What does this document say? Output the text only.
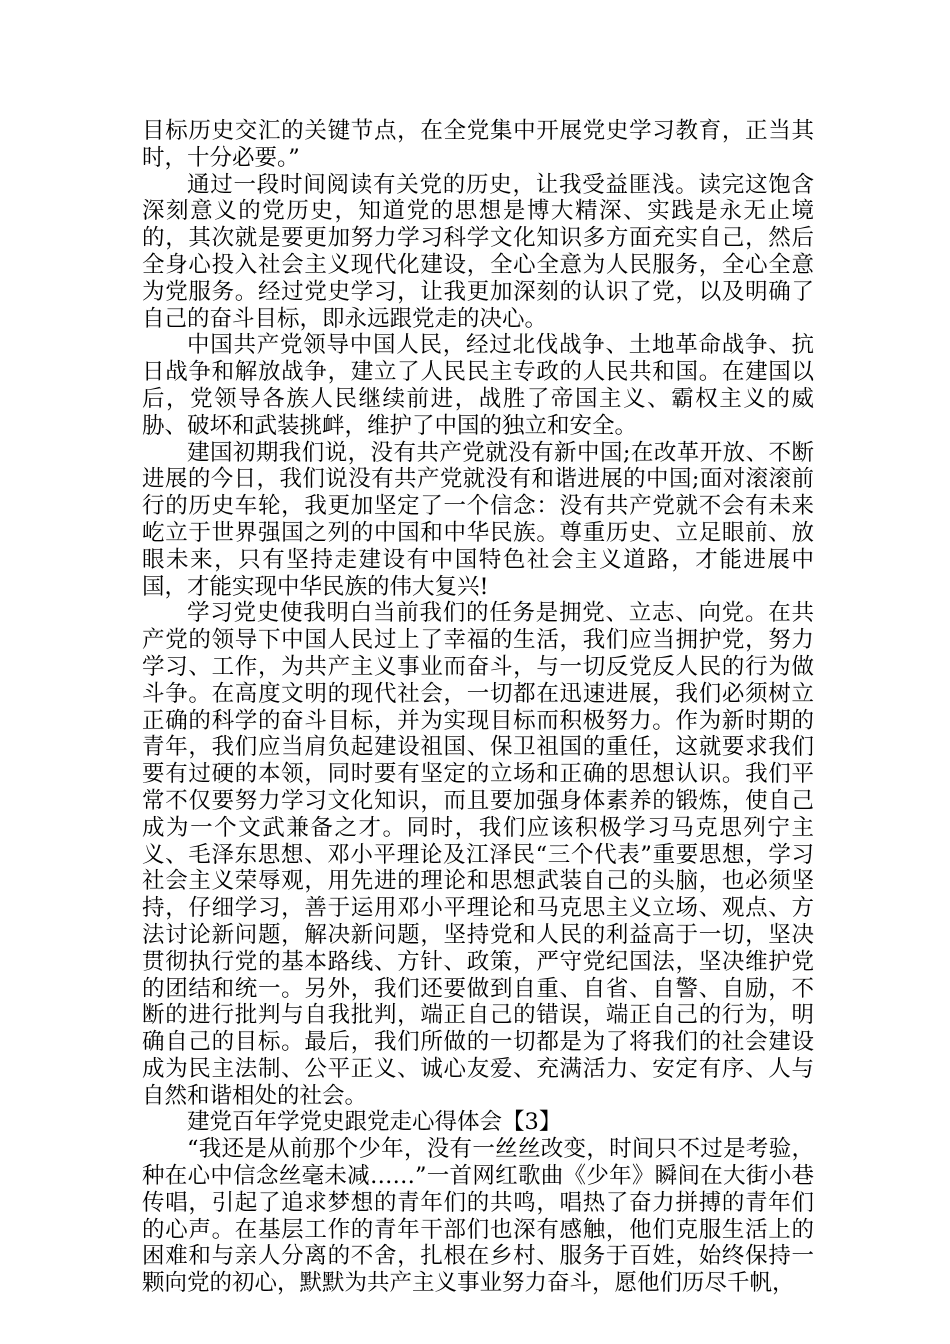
目标历史交汇的关键节点，在全党集中开展党史学习教育，正当其时，十分必要。”

通过一段时间阅读有关党的历史，让我受益匪浅。读完这饱含深刻意义的党历史，知道党的思想是博大精深、实践是永无止境的，其次就是要更加努力学习科学文化知识多方面充实自己，然后全身心投入社会主义现代化建设，全心全意为人民服务，全心全意为党服务。经过党史学习，让我更加深刻的认识了党，以及明确了自己的奋斗目标，即永远跟党走的决心。

中国共产党领导中国人民，经过北伐战争、土地革命战争、抗日战争和解放战争，建立了人民民主专政的人民共和国。在建国以后，党领导各族人民继续前进，战胜了帝国主义、霸权主义的威胁、破坏和武装挑衅，维护了中国的独立和安全。

建国初期我们说，没有共产党就没有新中国;在改革开放、不断进展的今日，我们说没有共产党就没有和谐进展的中国;面对滚滚前行的历史车轮，我更加坚定了一个信念：没有共产党就不会有未来屹立于世界强国之列的中国和中华民族。尊重历史、立足眼前、放眼未来，只有坚持走建设有中国特色社会主义道路，才能进展中国，才能实现中华民族的伟大复兴!

学习党史使我明白当前我们的任务是拥党、立志、向党。在共产党的领导下中国人民过上了幸福的生活，我们应当拥护党，努力学习、工作，为共产主义事业而奋斗，与一切反党反人民的行为做斗争。在高度文明的现代社会，一切都在迅速进展，我们必须树立正确的科学的奋斗目标，并为实现目标而积极努力。作为新时期的青年，我们应当肩负起建设祖国、保卫祖国的重任，这就要求我们要有过硬的本领，同时要有坚定的立场和正确的思想认识。我们平常不仅要努力学习文化知识，而且要加强身体素养的锻炼，使自己成为一个文武兼备之才。同时，我们应该积极学习马克思列宁主义、毛泽东思想、邓小平理论及江泽民“三个代表”重要思想，学习社会主义荣辱观，用先进的理论和思想武装自己的头脑，也必须坚持，仔细学习，善于运用邓小平理论和马克思主义立场、观点、方法讨论新问题，解决新问题，坚持党和人民的利益高于一切，坚决贯彻执行党的基本路线、方针、政策，严守党纪国法，坚决维护党的团结和统一。另外，我们还要做到自重、自省、自警、自励，不断的进行批判与自我批判，端正自己的错误，端正自己的行为，明确自己的目标。最后，我们所做的一切都是为了将我们的社会建设成为民主法制、公平正义、诚心友爱、充满活力、安定有序、人与自然和谐相处的社会。

建党百年学党史跟党走心得体会【3】

“我还是从前那个少年，没有一丝丝改变，时间只不过是考验，种在心中信念丝毫未减……”一首网红歌曲《少年》瞬间在大街小巷传唱，引起了追求梦想的青年们的共鸣，唱热了奋力拼搏的青年们的心声。在基层工作的青年干部们也深有感触，他们克服生活上的困难和与亲人分离的不舍，扎根在乡村、服务于百姓，始终保持一颗向党的初心，默默为共产主义事业努力奋斗，愿他们历尽千帆，
